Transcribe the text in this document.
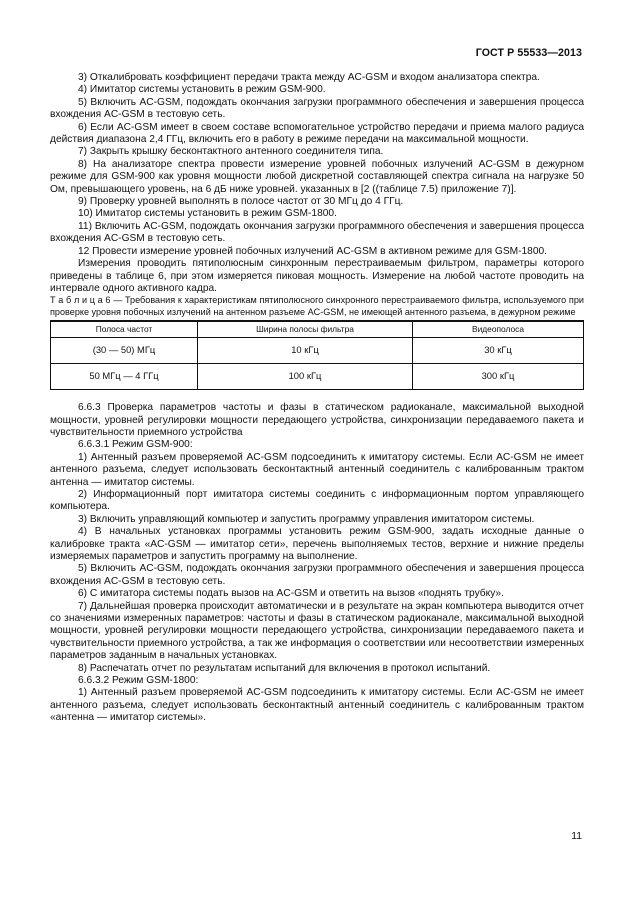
ГОСТ Р 55533—2013

3) Откалибровать коэффициент передачи тракта между AC-GSM и входом анализатора спектра.

4) Имитатор системы установить в режим GSM-900.

5) Включить AC-GSM, подождать окончания загрузки программного обеспечения и завершения процесса вхождения AC-GSM в тестовую сеть.

6) Если AC-GSM имеет в своем составе вспомогательное устройство передачи и приема малого радиуса действия диапазона 2,4 ГГц, включить его в работу в режиме передачи на максимальной мощности.

7) Закрыть крышку бесконтактного антенного соединителя типа.

8) На анализаторе спектра провести измерение уровней побочных излучений AC-GSM в дежурном режиме для GSM-900 как уровня мощности любой дискретной составляющей спектра сигнала на нагрузке 50 Ом, превышающего уровень, на 6 дБ ниже уровней. указанных в [2 ((таблице 7.5) приложение 7)].

9) Проверку уровней выполнять в полосе частот от 30 МГц до 4 ГГц.

10) Имитатор системы установить в режим GSM-1800.

11) Включить AC-GSM, подождать окончания загрузки программного обеспечения и завершения процесса вхождения AC-GSM в тестовую сеть.

12 Провести измерение уровней побочных излучений AC-GSM в активном режиме для GSM-1800.

Измерения проводить пятиполюсным синхронным перестраиваемым фильтром, параметры которого приведены в таблице 6, при этом измеряется пиковая мощность. Измерение на любой частоте проводить на интервале одного активного кадра.

Т а б л и ц а 6 — Требования к характеристикам пятиполюсного синхронного перестраиваемого фильтра, используемого при проверке уровня побочных излучений на антенном разъеме AC-GSM, не имеющей антенного разъема, в дежурном режиме

Полоса частот	Ширина полосы фильтра	Видеополоса
(30 — 50) МГц	10 кГц	30 кГц
50 МГц — 4 ГГц	100 кГц	300 кГц

6.6.3 Проверка параметров частоты и фазы в статическом радиоканале, максимальной выходной мощности, уровней регулировки мощности передающего устройства, синхронизации передаваемого пакета и чувствительности приемного устройства

6.6.3.1 Режим GSM-900:

1) Антенный разъем проверяемой AC-GSM подсоединить к имитатору системы. Если AC-GSM не имеет антенного разъема, следует использовать бесконтактный антенный соединитель с калиброванным трактом антенна — имитатор системы.

2) Информационный порт имитатора системы соединить с информационным портом управляющего компьютера.

3) Включить управляющий компьютер и запустить программу управления имитатором системы.

4) В начальных установках программы установить режим GSM-900, задать исходные данные о калибровке тракта «AC-GSM — имитатор сети», перечень выполняемых тестов, верхние и нижние пределы измеряемых параметров и запустить программу на выполнение.

5) Включить AC-GSM, подождать окончания загрузки программного обеспечения и завершения процесса вхождения AC-GSM в тестовую сеть.

6) С имитатора системы подать вызов на AC-GSM и ответить на вызов «поднять трубку».

7) Дальнейшая проверка происходит автоматически и в результате на экран компьютера выводится отчет со значениями измеренных параметров: частоты и фазы в статическом радиоканале, максимальной выходной мощности, уровней регулировки мощности передающего устройства, синхронизации передаваемого пакета и чувствительности приемного устройства, а так же информация о соответствии или несоответствии измеренных параметров заданным в начальных установках.

8) Распечатать отчет по результатам испытаний для включения в протокол испытаний.

6.6.3.2 Режим GSM-1800:

1) Антенный разъем проверяемой AC-GSM подсоединить к имитатору системы. Если AC-GSM не имеет антенного разъема, следует использовать бесконтактный антенный соединитель с калиброванным трактом «антенна — имитатор системы».

11
